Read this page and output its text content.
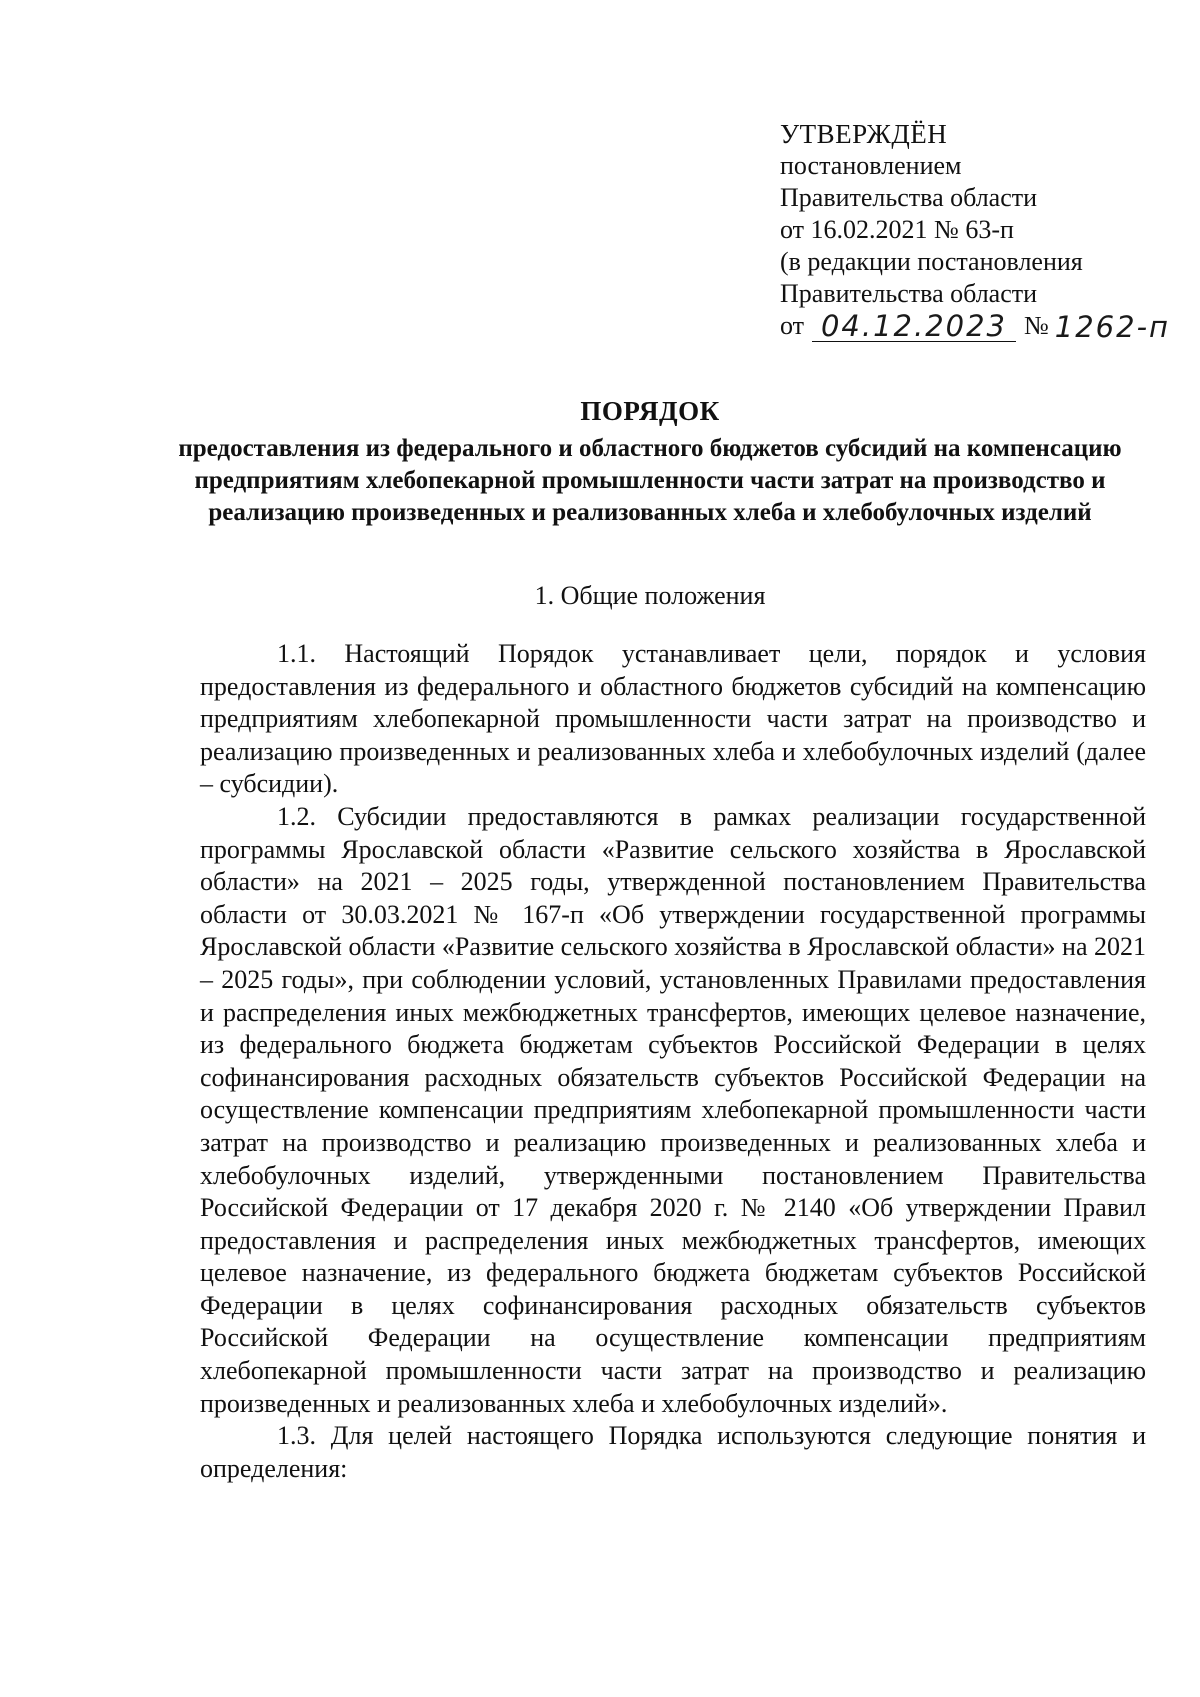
УТВЕРЖДЁН
постановлением
Правительства области
от 16.02.2021 № 63-п
(в редакции постановления
Правительства области
от 04.12.2023 № 1262-п
ПОРЯДОК
предоставления из федерального и областного бюджетов субсидий на компенсацию предприятиям хлебопекарной промышленности части затрат на производство и реализацию произведенных и реализованных хлеба и хлебобулочных изделий
1. Общие положения

1.1. Настоящий Порядок устанавливает цели, порядок и условия предоставления из федерального и областного бюджетов субсидий на компенсацию предприятиям хлебопекарной промышленности части затрат на производство и реализацию произведенных и реализованных хлеба и хлебобулочных изделий (далее – субсидии).

1.2. Субсидии предоставляются в рамках реализации государственной программы Ярославской области «Развитие сельского хозяйства в Ярославской области» на 2021 – 2025 годы, утвержденной постановлением Правительства области от 30.03.2021 № 167-п «Об утверждении государственной программы Ярославской области «Развитие сельского хозяйства в Ярославской области» на 2021 – 2025 годы», при соблюдении условий, установленных Правилами предоставления и распределения иных межбюджетных трансфертов, имеющих целевое назначение, из федерального бюджета бюджетам субъектов Российской Федерации в целях софинансирования расходных обязательств субъектов Российской Федерации на осуществление компенсации предприятиям хлебопекарной промышленности части затрат на производство и реализацию произведенных и реализованных хлеба и хлебобулочных изделий, утвержденными постановлением Правительства Российской Федерации от 17 декабря 2020 г. № 2140 «Об утверждении Правил предоставления и распределения иных межбюджетных трансфертов, имеющих целевое назначение, из федерального бюджета бюджетам субъектов Российской Федерации в целях софинансирования расходных обязательств субъектов Российской Федерации на осуществление компенсации предприятиям хлебопекарной промышленности части затрат на производство и реализацию произведенных и реализованных хлеба и хлебобулочных изделий».

1.3. Для целей настоящего Порядка используются следующие понятия и определения:
